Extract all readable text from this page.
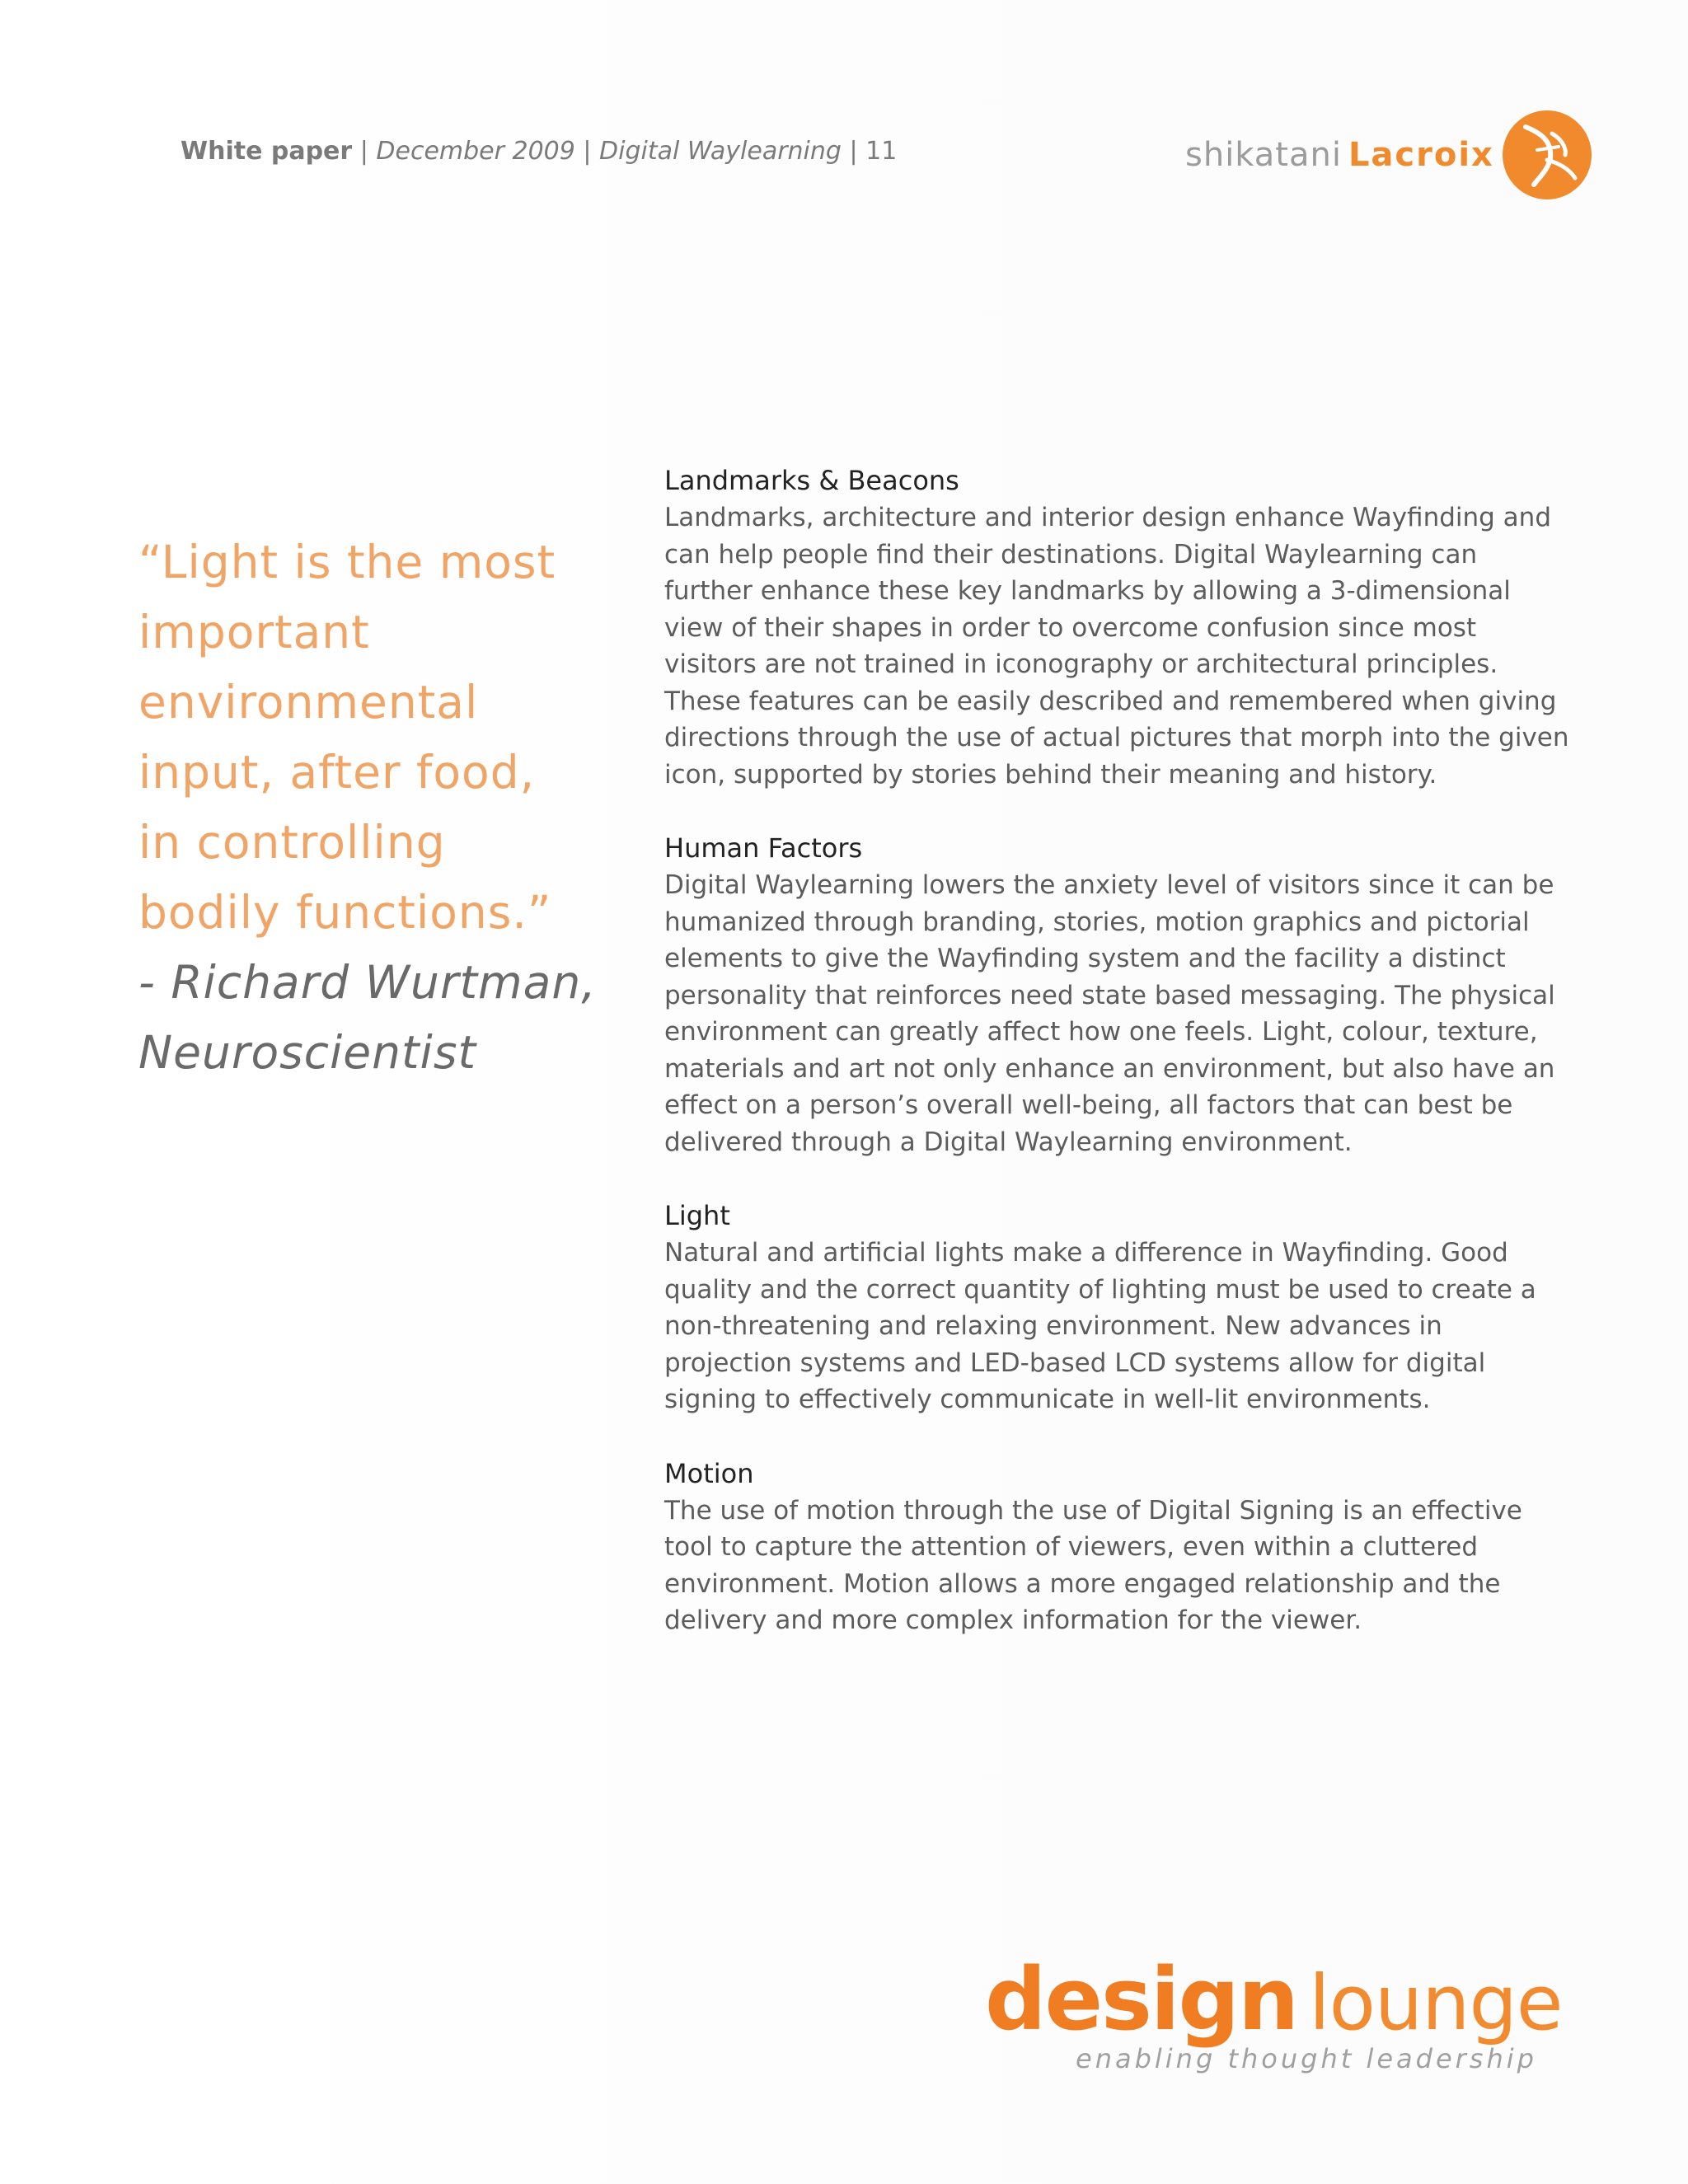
White paper | December 2009 | Digital Waylearning | 11	shikatani Lacroix
“Light is the most
important
environmental
input, after food,
in controlling
bodily functions.”
- Richard Wurtman,
Neuroscientist
Landmarks & Beacons

Landmarks, architecture and interior design enhance Wayfinding and can help people find their destinations. Digital Waylearning can further enhance these key landmarks by allowing a 3-dimensional view of their shapes in order to overcome confusion since most visitors are not trained in iconography or architectural principles. These features can be easily described and remembered when giving directions through the use of actual pictures that morph into the given icon, supported by stories behind their meaning and history.

Human Factors

Digital Waylearning lowers the anxiety level of visitors since it can be humanized through branding, stories, motion graphics and pictorial elements to give the Wayfinding system and the facility a distinct personality that reinforces need state based messaging. The physical environment can greatly affect how one feels. Light, colour, texture, materials and art not only enhance an environment, but also have an effect on a person’s overall well-being, all factors that can best be delivered through a Digital Waylearning environment.

Light

Natural and artificial lights make a difference in Wayfinding. Good quality and the correct quantity of lighting must be used to create a non-threatening and relaxing environment. New advances in projection systems and LED-based LCD systems allow for digital signing to effectively communicate in well-lit environments.

Motion

The use of motion through the use of Digital Signing is an effective tool to capture the attention of viewers, even within a cluttered environment. Motion allows a more engaged relationship and the delivery and more complex information for the viewer.

design lounge
enabling thought leadership
